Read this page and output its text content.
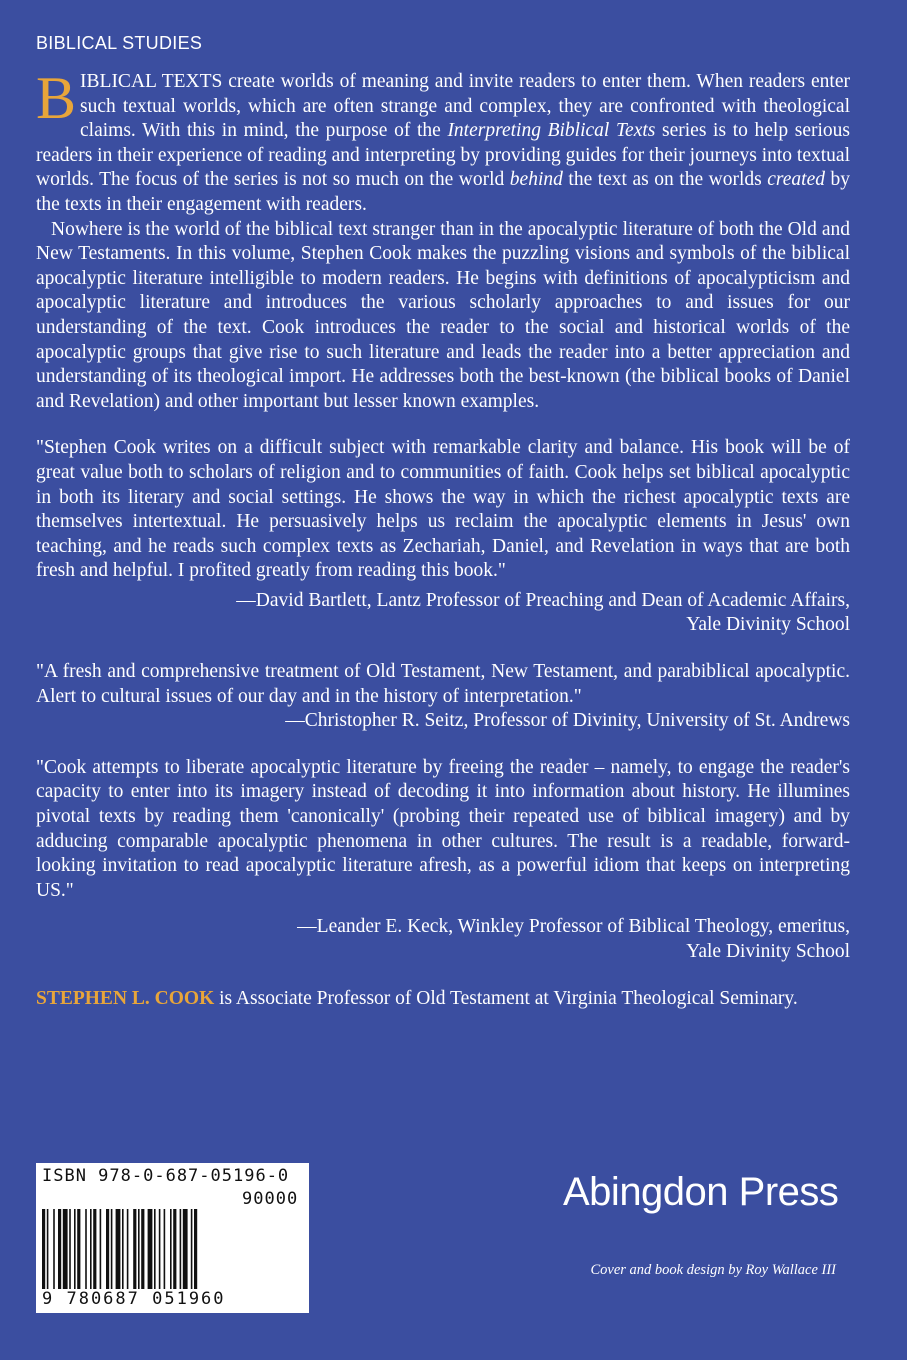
BIBLICAL STUDIES

BIBLICAL TEXTS create worlds of meaning and invite readers to enter them. When readers enter such textual worlds, which are often strange and complex, they are confronted with theological claims. With this in mind, the purpose of the Interpreting Biblical Texts series is to help serious readers in their experience of reading and interpreting by providing guides for their journeys into textual worlds. The focus of the series is not so much on the world behind the text as on the worlds created by the texts in their engagement with readers.

Nowhere is the world of the biblical text stranger than in the apocalyptic literature of both the Old and New Testaments. In this volume, Stephen Cook makes the puzzling visions and symbols of the biblical apocalyptic literature intelligible to modern readers. He begins with definitions of apocalypticism and apocalyptic literature and introduces the various scholarly approaches to and issues for our understanding of the text. Cook introduces the reader to the social and historical worlds of the apocalyptic groups that give rise to such literature and leads the reader into a better appreciation and understanding of its theological import. He addresses both the best-known (the biblical books of Daniel and Revelation) and other important but lesser known examples.

"Stephen Cook writes on a difficult subject with remarkable clarity and balance. His book will be of great value both to scholars of religion and to communities of faith. Cook helps set biblical apocalyptic in both its literary and social settings. He shows the way in which the richest apocalyptic texts are themselves intertextual. He persuasively helps us reclaim the apocalyptic elements in Jesus' own teaching, and he reads such complex texts as Zechariah, Daniel, and Revelation in ways that are both fresh and helpful. I profited greatly from reading this book."

—David Bartlett, Lantz Professor of Preaching and Dean of Academic Affairs,
Yale Divinity School

"A fresh and comprehensive treatment of Old Testament, New Testament, and parabiblical apocalyptic. Alert to cultural issues of our day and in the history of interpretation."

—Christopher R. Seitz, Professor of Divinity, University of St. Andrews

"Cook attempts to liberate apocalyptic literature by freeing the reader – namely, to engage the reader's capacity to enter into its imagery instead of decoding it into information about history. He illumines pivotal texts by reading them 'canonically' (probing their repeated use of biblical imagery) and by adducing comparable apocalyptic phenomena in other cultures. The result is a readable, forward-looking invitation to read apocalyptic literature afresh, as a powerful idiom that keeps on interpreting US."

—Leander E. Keck, Winkley Professor of Biblical Theology, emeritus,
Yale Divinity School

STEPHEN L. COOK is Associate Professor of Old Testament at Virginia Theological Seminary.

ISBN 978-0-687-05196-0
90000
9 780687 051960
Abingdon Press
Cover and book design by Roy Wallace III
